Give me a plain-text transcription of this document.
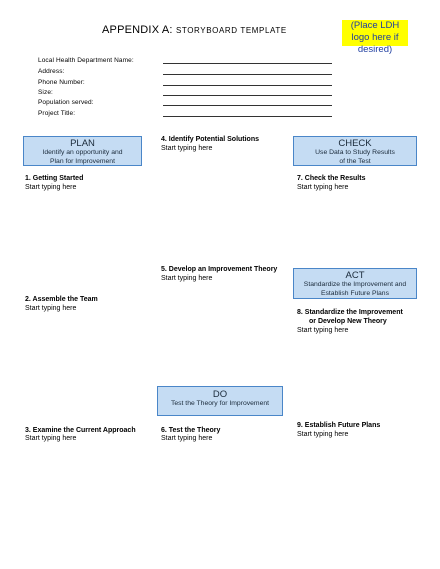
APPENDIX A: STORYBOARD TEMPLATE	(Place LDH logo here if desired)
Local Health Department Name:
Address:
Phone Number:
Size:
Population served:
Project Title:
PLAN
Identify an opportunity and
Plan for Improvement
CHECK
Use Data to Study Results
of the Test
ACT
Standardize the Improvement and
Establish Future Plans
DO
Test the Theory for Improvement
4. Identify Potential Solutions
Start typing here
1. Getting Started
Start typing here
7. Check the Results
Start typing here
5. Develop an Improvement Theory
Start typing here
2. Assemble the Team
Start typing here
8. Standardize the Improvement
or Develop New Theory
Start typing here
9. Establish Future Plans
Start typing here
3. Examine the Current Approach
Start typing here
6. Test the Theory
Start typing here
